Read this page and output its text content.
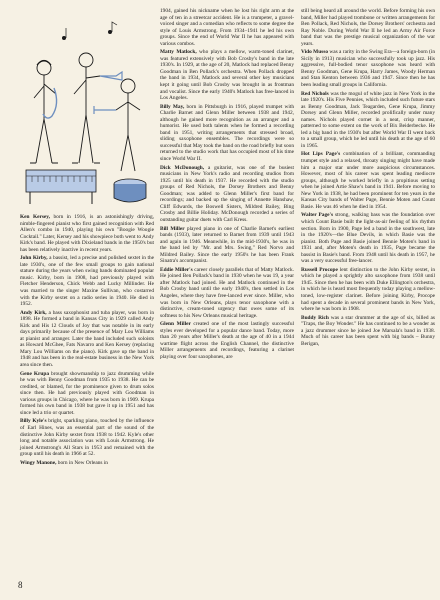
Ken Kersey, born in 1916, is an astonishingly driving, nimble-fingered pianist who first gained recognition with Red Allen's combo in 1940, playing his own "Boogie Woogie Cocktail." Later, Kersey and his showpiece both went to Andy Kirk's band. He played with Dixieland bands in the 1950's but has been relatively inactive in recent years.

John Kirby, a bassist, led a precise and polished sextet in the late 1930's, one of the few small groups to gain national stature during the years when swing bands dominated popular music. Kirby, born in 1908, had previously played with Fletcher Henderson, Chick Webb and Lucky Millinder. He was married to the singer Maxine Sullivan, who costarred with the Kirby sextet on a radio series in 1940. He died in 1952.

Andy Kirk, a bass saxophonist and tuba player, was born in 1898. He formed a band in Kansas City in 1929 called Andy Kirk and His 12 Clouds of Joy that was notable in its early days primarily because of the presence of Mary Lou Williams at pianist and arranger. Later the band included such soloists as Howard McGhee, Fats Navarro and Ken Kersey (replacing Mary Lou Williams on the piano). Kirk gave up the band in 1948 and has been in the real-estate business in the New York area since then.

Gene Krupa brought showmanship to jazz drumming while he was with Benny Goodman from 1935 to 1938. He can be credited, or blamed, for the prominence given to drum solos since then. He had previously played with Goodman in various groups in Chicago, where he was born in 1909. Krupa formed his own band in 1938 but gave it up in 1951 and has since led a trio or quartet.

Billy Kyle's bright, sparkling piano, touched by the influence of Earl Hines, was an essential part of the sound of the distinctive John Kirby sextet from 1938 to 1942. Kyle's other long and notable association was with Louis Armstrong. He joined Armstrong's All Stars in 1953 and remained with the group until his death in 1966 at 52.

Wingy Manone, born in New Orleans in

1904, gained his nickname when he lost his right arm at the age of ten in a streetcar accident. He is a trumpeter, a gravel-voiced singer and a comedian who reflects to some degree the style of Louis Armstrong. From 1934–1941 he led his own groups. Since the end of World War II he has appeared with various combos.

Matty Matlock, who plays a mellow, warm-toned clarinet, was featured extensively with Bob Crosby's band in the late 1930's. In 1929, at the age of 20, Matlock had replaced Benny Goodman in Ben Pollack's orchestra. When Pollack dropped the band in 1934, Matlock and several other key musicians kept it going until Bob Crosby was brought in as frontman and vocalist. Since the early 1940's Matlock has free-lanced in Los Angeles.

Billy May, born in Pittsburgh in 1916, played trumpet with Charlie Barnet and Glenn Miller between 1938 and 1942, although he gained more recognition as an arranger and a humorist. He used both talents when he formed a recording band in 1951, writing arrangements that stressed broad, sliding saxophone ensembles. The recordings were so successful that May took the band on the road briefly but soon returned to the studio work that has occupied most of his time since World War II.

Dick McDonough, a guitarist, was one of the busiest musicians in New York's radio and recording studios from 1925 until his death in 1937. He recorded with the studio groups of Red Nichols, the Dorsey Brothers and Benny Goodman; was added to Glenn Miller's first band for recordings; and backed up the singing of Annette Hanshaw, Cliff Edwards, the Boswell Sisters, Mildred Bailey, Bing Crosby and Billie Holiday. McDonough recorded a series of outstanding guitar duets with Carl Kress.

Bill Miller played piano in one of Charlie Barnet's earliest bands (1933), later returned to Barnet from 1939 until 1943 and again in 1946. Meanwhile, in the mid-1930's, he was in the band led by "Mr. and Mrs. Swing," Red Norvo and Mildred Bailey. Since the early 1950's he has been Frank Sinatra's accompanist.

Eddie Miller's career closely parallels that of Matty Matlock. He joined Ben Pollack's band in 1930 when he was 19, a year after Matlock had joined. He and Matlock continued in the Bob Crosby band until the early 1940's, then settled in Los Angeles, where they have free-lanced ever since. Miller, who was born in New Orleans, plays tenor saxophone with a distinctive, cream-toned urgency that owes some of its softness to his New Orleans musical heritage.

Glenn Miller created one of the most lastingly successful styles ever developed for a popular dance band. Today, more than 20 years after Miller's death at the age of 40 in a 1944 wartime flight across the English Channel, the distinctive Miller arrangements and recordings, featuring a clarinet playing over four saxophones, are

still being heard all around the world. Before forming his own band, Miller had played trombone or written arrangements for Ben Pollack, Red Nichols, the Dorsey Brothers' orchestra and Ray Noble. During World War II he led an Army Air Force band that was the prestige musical organization of the war years.

Vido Musso was a rarity in the Swing Era—a foreign-born (in Sicily in 1913) musician who successfully took up jazz. His aggressive, full-bodied tenor saxophone was heard with Benny Goodman, Gene Krupa, Harry James, Woody Herman and Stan Kenton between 1936 and 1947. Since then he has been leading small groups in California.

Red Nichols was the mogul of white jazz in New York in the late 1920's. His Five Pennies, which included such future stars as Benny Goodman, Jack Teagarden, Gene Krupa, Jimmy Dorsey and Glenn Miller, recorded prolifically under many names. Nichols played cornet in a neat, crisp manner, patterned to some extent on the work of Bix Beiderbecke. He led a big band in the 1930's but after World War II went back to a small group, which he led until his death at the age of 60 in 1965.

Hot Lips Page's combination of a brilliant, commanding trumpet style and a relaxed, throaty singing might have made him a major star under more auspicious circumstances. However, most of his career was spent leading mediocre groups, although he worked briefly in a propitious setting when he joined Artie Shaw's band in 1941. Before moving to New York in 1938, he had been prominent for ten years in the Kansas City bands of Walter Page, Bennie Moten and Count Basie. He was 46 when he died in 1954.

Walter Page's strong, walking bass was the foundation over which Count Basie built the light-as-air feeling of his rhythm section. Born in 1900, Page led a band in the southwest, late in the 1920's—the Blue Devils, in which Basie was the pianist. Both Page and Basie joined Bennie Moten's band in 1931 and, after Moten's death in 1935, Page became the bassist in Basie's band. From 1948 until his death in 1957, he was a very successful free-lancer.

Russell Procope lent distinction to the John Kirby sextet, in which he played a sprightly alto saxophone from 1938 until 1945. Since then he has been with Duke Ellington's orchestra, in which he is heard most frequently today playing a mellow-toned, low-register clarinet. Before joining Kirby, Procope had spent a decade in several prominent bands in New York, where he was born in 1908.

Buddy Rich was a star drummer at the age of six, billed as "Traps, the Boy Wonder." He has continued to be a wonder as a jazz drummer since he joined Joe Marsala's band in 1938. Much of his career has been spent with big bands – Bunny Berigan,

8
